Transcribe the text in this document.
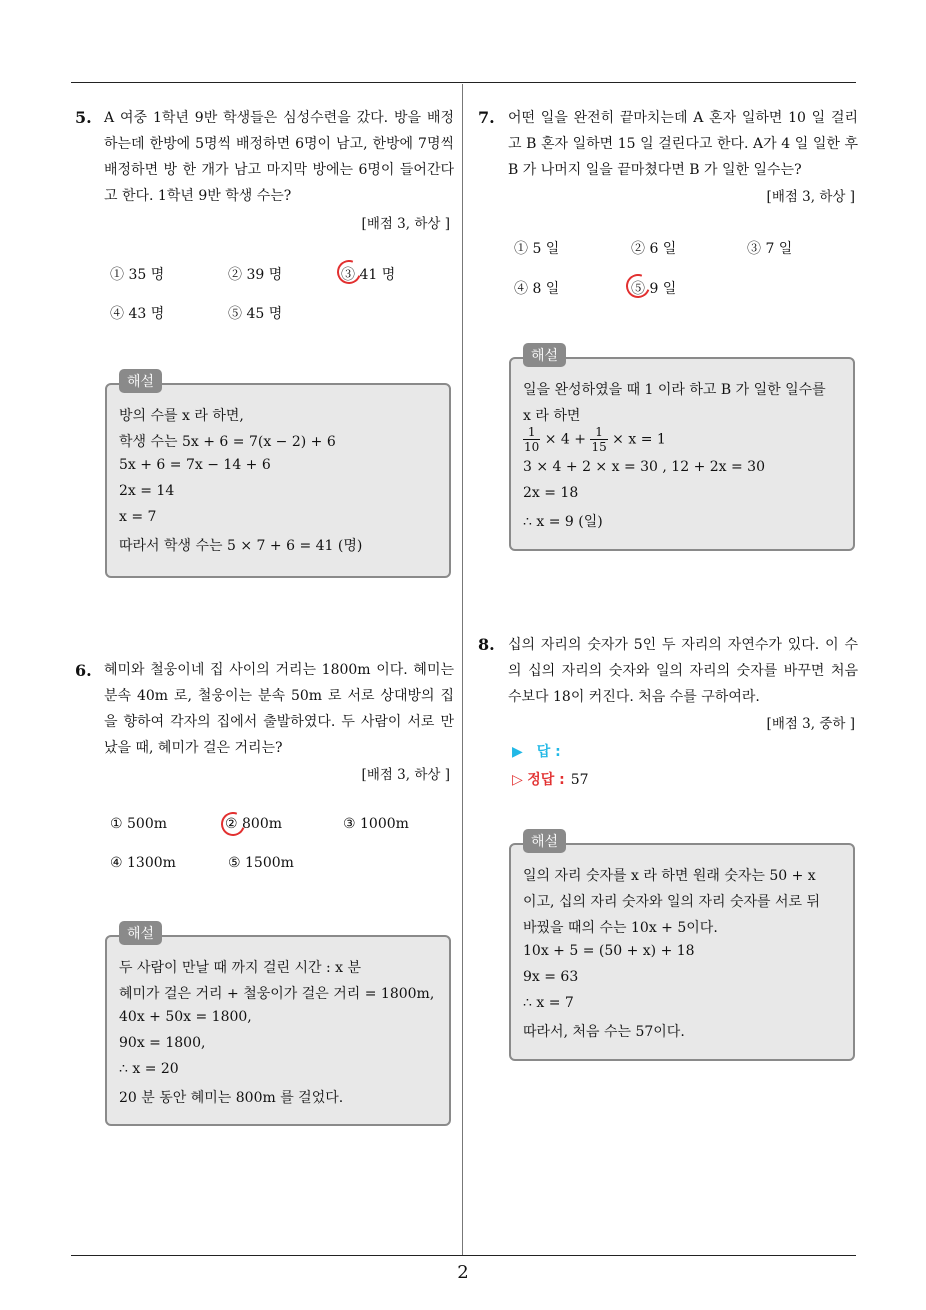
2
5. A 여중 1학년 9반 학생들은 심성수련을 갔다. 방을 배정하는데 한방에 5명씩 배정하면 6명이 남고, 한방에 7명씩 배정하면 방 한 개가 남고 마지막 방에는 6명이 들어간다고 한다. 1학년 9반 학생 수는?
[배점 3, 하상 ]
① 35 명	② 39 명	③ 41 명
④ 43 명	⑤ 45 명
해설
방의 수를 x 라 하면,
학생 수는 5x + 6 = 7(x − 2) + 6
5x + 6 = 7x − 14 + 6
2x = 14
x = 7
따라서 학생 수는 5 × 7 + 6 = 41 (명)
6. 혜미와 철웅이네 집 사이의 거리는 1800m 이다. 혜미는 분속 40m 로, 철웅이는 분속 50m 로 서로 상대방의 집을 향하여 각자의 집에서 출발하였다. 두 사람이 서로 만났을 때, 혜미가 걸은 거리는?
[배점 3, 하상 ]
① 500m	② 800m	③ 1000m
④ 1300m	⑤ 1500m
해설
두 사람이 만날 때 까지 걸린 시간 : x 분
혜미가 걸은 거리 + 철웅이가 걸은 거리 = 1800m,
40x + 50x = 1800,
90x = 1800,
∴ x = 20
20 분 동안 혜미는 800m 를 걸었다.
7. 어떤 일을 완전히 끝마치는데 A 혼자 일하면 10 일 걸리고 B 혼자 일하면 15 일 걸린다고 한다. A가 4 일 일한 후 B 가 나머지 일을 끝마쳤다면 B 가 일한 일수는?
[배점 3, 하상 ]
① 5 일	② 6 일	③ 7 일
④ 8 일	⑤ 9 일
해설
일을 완성하였을 때 1 이라 하고 B 가 일한 일수를
x 라 하면
$\frac{1}{10} \times 4 + \frac{1}{15} \times x = 1$
3 × 4 + 2 × x = 30 , 12 + 2x = 30
2x = 18
∴ x = 9 (일)
8. 십의 자리의 숫자가 5인 두 자리의 자연수가 있다. 이 수의 십의 자리의 숫자와 일의 자리의 숫자를 바꾸면 처음 수보다 18이 커진다. 처음 수를 구하여라.
[배점 3, 중하 ]
▶ 답 :
▷ 정답 : 57
해설
일의 자리 숫자를 x 라 하면 원래 숫자는 50 + x
이고, 십의 자리 숫자와 일의 자리 숫자를 서로 뒤
바꿨을 때의 수는 10x + 5이다.
10x + 5 = (50 + x) + 18
9x = 63
∴ x = 7
따라서, 처음 수는 57이다.
